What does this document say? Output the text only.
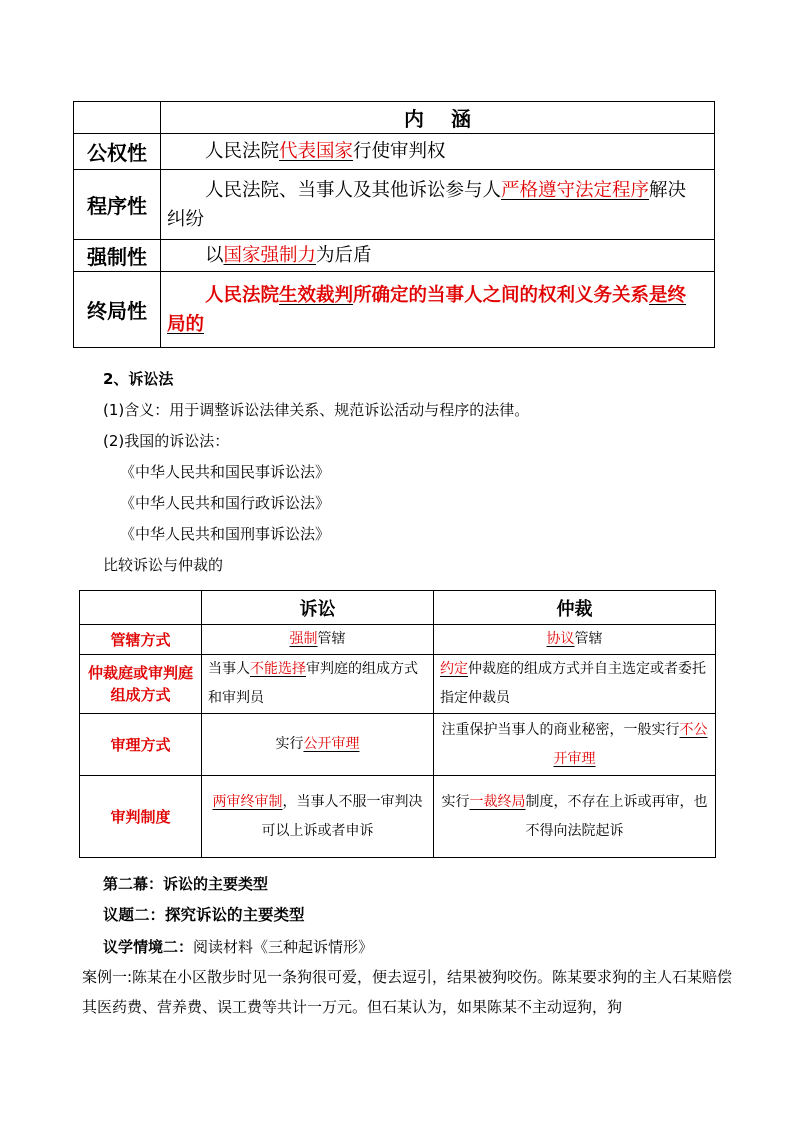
	内　 涵
公权性	人民法院代表国家行使审判权
程序性	人民法院、当事人及其他诉讼参与人严格遵守法定程序解决纠纷
强制性	以国家强制力为后盾
终局性	人民法院生效裁判所确定的当事人之间的权利义务关系是终局的
2、诉讼法
(1)含义：用于调整诉讼法律关系、规范诉讼活动与程序的法律。
(2)我国的诉讼法：
《中华人民共和国民事诉讼法》
《中华人民共和国行政诉讼法》
《中华人民共和国刑事诉讼法》
比较诉讼与仲裁的
	诉讼	仲裁
管辖方式	强制管辖	协议管辖
仲裁庭或审判庭组成方式	当事人不能选择审判庭的组成方式和审判员	约定仲裁庭的组成方式并自主选定或者委托指定仲裁员
审理方式	实行公开审理	注重保护当事人的商业秘密，一般实行不公开审理
审判制度	两审终审制，当事人不服一审判决可以上诉或者申诉	实行一裁终局制度，不存在上诉或再审，也不得向法院起诉
第二幕：诉讼的主要类型
议题二：探究诉讼的主要类型
议学情境二：阅读材料《三种起诉情形》
案例一:陈某在小区散步时见一条狗很可爱，便去逗引，结果被狗咬伤。陈某要求狗的主人石某赔偿其医药费、营养费、误工费等共计一万元。但石某认为，如果陈某不主动逗狗，狗
